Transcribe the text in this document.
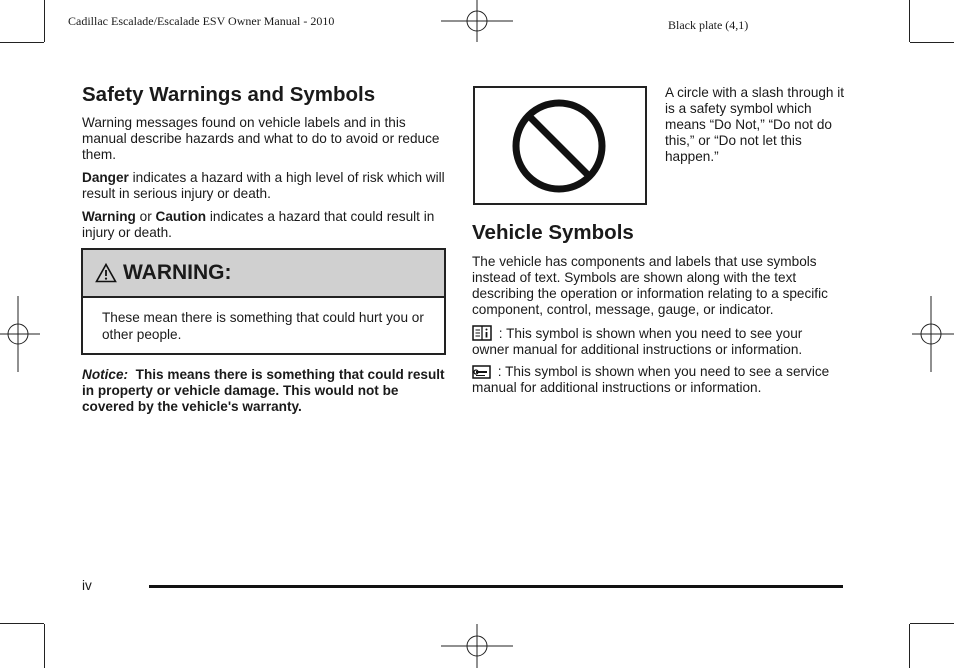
Cadillac Escalade/Escalade ESV Owner Manual - 2010	Black plate (4,1)
Safety Warnings and Symbols

Warning messages found on vehicle labels and in this manual describe hazards and what to do to avoid or reduce them.

Danger indicates a hazard with a high level of risk which will result in serious injury or death.

Warning or Caution indicates a hazard that could result in injury or death.

WARNING:
These mean there is something that could hurt you or other people.
Notice: This means there is something that could result in property or vehicle damage. This would not be covered by the vehicle's warranty.
A circle with a slash through it is a safety symbol which means “Do Not,” “Do not do this,” or “Do not let this happen.”
Vehicle Symbols

The vehicle has components and labels that use symbols instead of text. Symbols are shown along with the text describing the operation or information relating to a specific component, control, message, gauge, or indicator.

: This symbol is shown when you need to see your owner manual for additional instructions or information.

: This symbol is shown when you need to see a service manual for additional instructions or information.

iv
